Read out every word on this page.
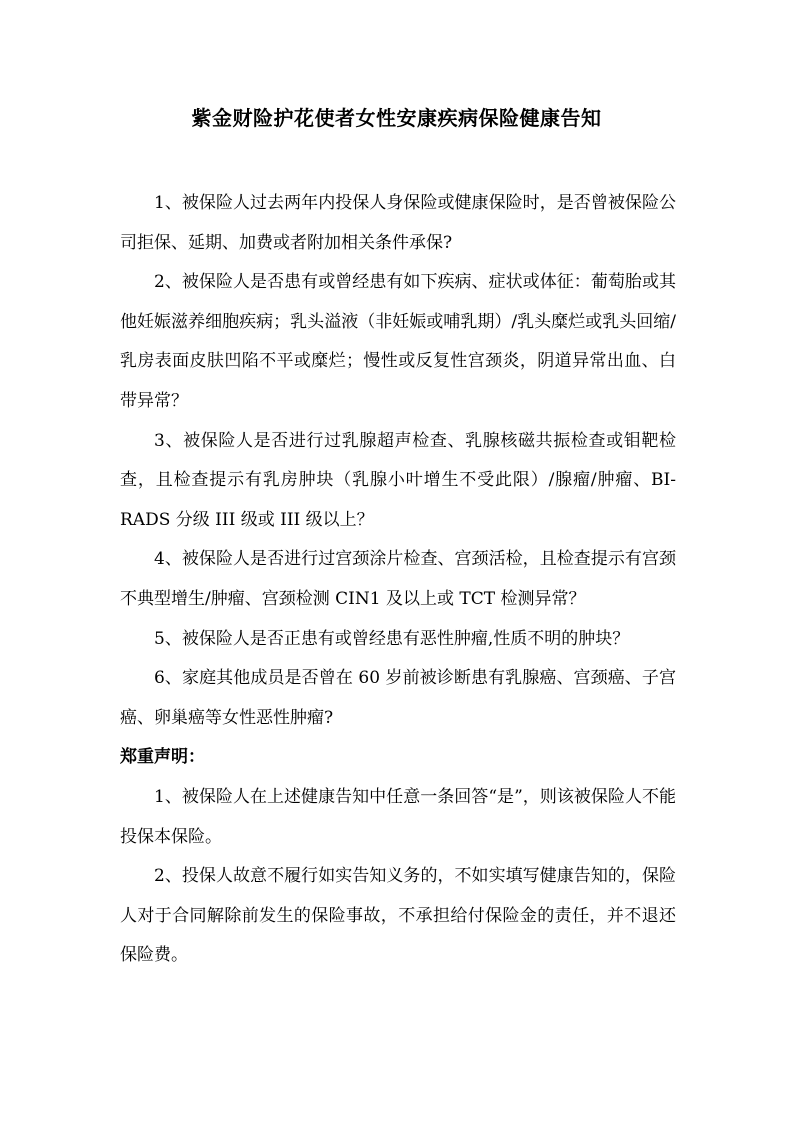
紫金财险护花使者女性安康疾病保险健康告知

1、被保险人过去两年内投保人身保险或健康保险时，是否曾被保险公司拒保、延期、加费或者附加相关条件承保?

2、被保险人是否患有或曾经患有如下疾病、症状或体征：葡萄胎或其他妊娠滋养细胞疾病；乳头溢液（非妊娠或哺乳期）/乳头糜烂或乳头回缩/乳房表面皮肤凹陷不平或糜烂；慢性或反复性宫颈炎，阴道异常出血、白带异常？

3、被保险人是否进行过乳腺超声检查、乳腺核磁共振检查或钼靶检查，且检查提示有乳房肿块（乳腺小叶增生不受此限）/腺瘤/肿瘤、BI-RADS 分级 III 级或 III 级以上？

4、被保险人是否进行过宫颈涂片检查、宫颈活检，且检查提示有宫颈不典型增生/肿瘤、宫颈检测 CIN1 及以上或 TCT 检测异常？

5、被保险人是否正患有或曾经患有恶性肿瘤,性质不明的肿块？

6、家庭其他成员是否曾在 60 岁前被诊断患有乳腺癌、宫颈癌、子宫癌、卵巢癌等女性恶性肿瘤?

郑重声明：

1、被保险人在上述健康告知中任意一条回答“是”，则该被保险人不能投保本保险。

2、投保人故意不履行如实告知义务的，不如实填写健康告知的，保险人对于合同解除前发生的保险事故，不承担给付保险金的责任，并不退还保险费。
